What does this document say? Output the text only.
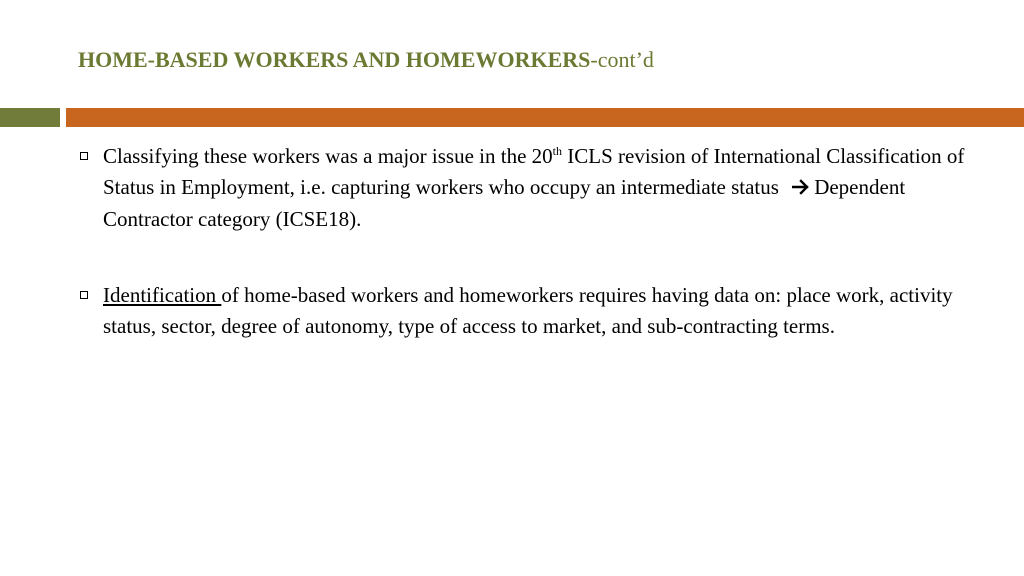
HOME-BASED WORKERS AND HOMEWORKERS-cont’d
Classifying these workers was a major issue in the 20th ICLS revision of International Classification of Status in Employment, i.e. capturing workers who occupy an intermediate status Dependent Contractor category (ICSE18).
Identification of home-based workers and homeworkers requires having data on: place work, activity status, sector, degree of autonomy, type of access to market, and sub-contracting terms.
